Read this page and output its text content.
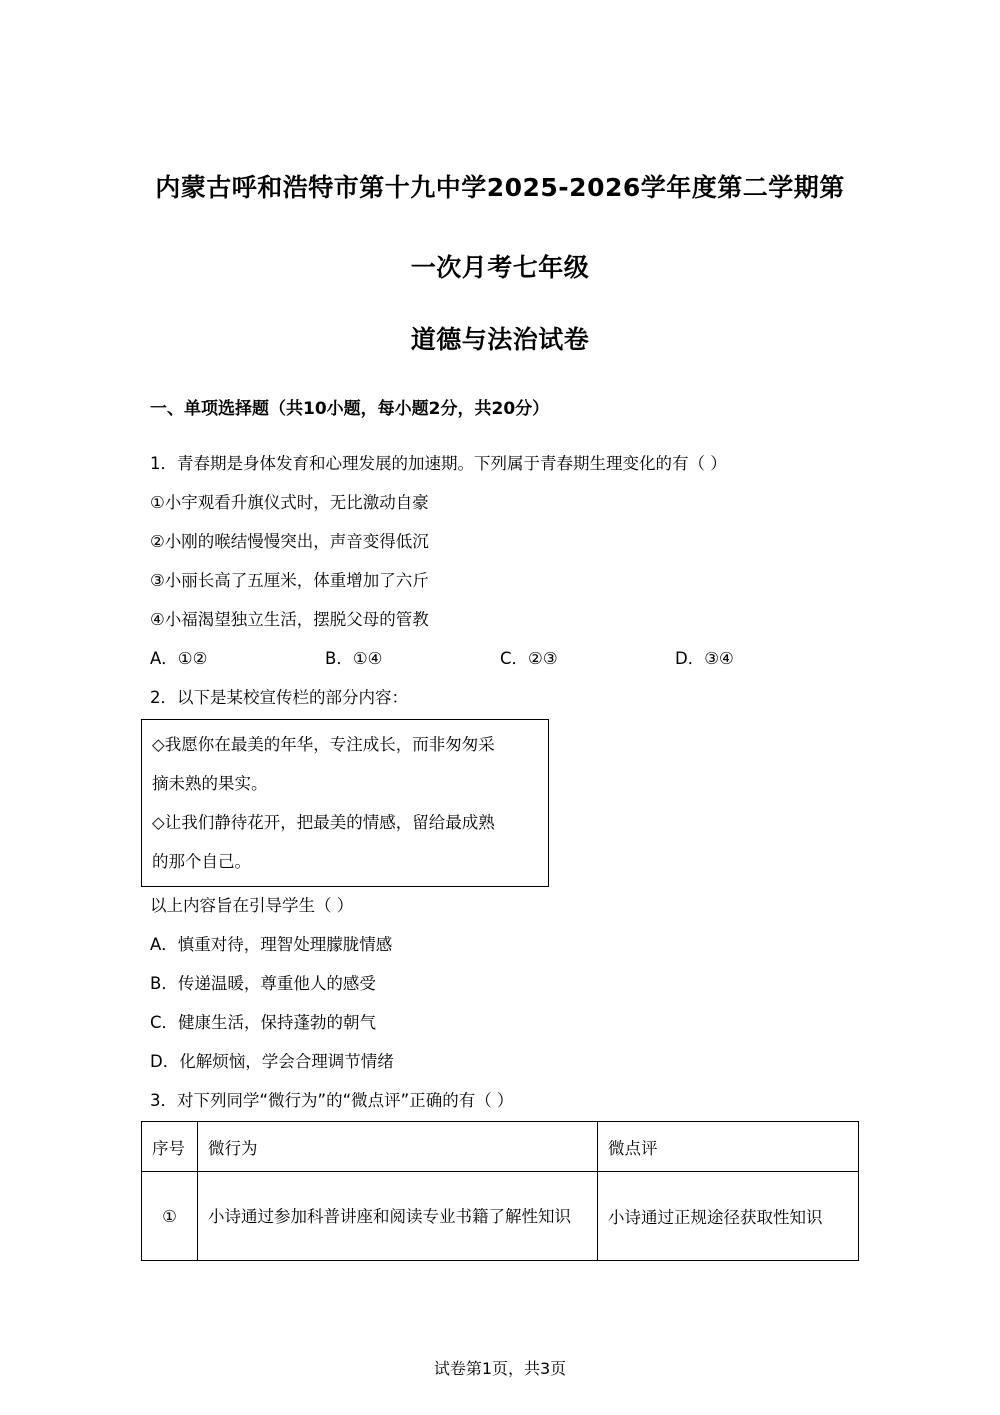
内蒙古呼和浩特市第十九中学2025-2026学年度第二学期第
一次月考七年级
道德与法治试卷
一、单项选择题（共10小题，每小题2分，共20分）
1．青春期是身体发育和心理发展的加速期。下列属于青春期生理变化的有（ ）
①小宇观看升旗仪式时，无比激动自豪
②小刚的喉结慢慢突出，声音变得低沉
③小丽长高了五厘米，体重增加了六斤
④小福渴望独立生活，摆脱父母的管教
A．①②	B．①④	C．②③	D．③④
2．以下是某校宣传栏的部分内容：
◇我愿你在最美的年华，专注成长，而非匆匆采
摘未熟的果实。
◇让我们静待花开，把最美的情感，留给最成熟
的那个自己。
以上内容旨在引导学生（ ）
A．慎重对待，理智处理朦胧情感
B．传递温暖，尊重他人的感受
C．健康生活，保持蓬勃的朝气
D．化解烦恼，学会合理调节情绪
3．对下列同学“微行为”的“微点评”正确的有（ ）
序号	微行为	微点评
①	小诗通过参加科普讲座和阅读专业书籍了解性知识	小诗通过正规途径获取性知识
试卷第1页，共3页
